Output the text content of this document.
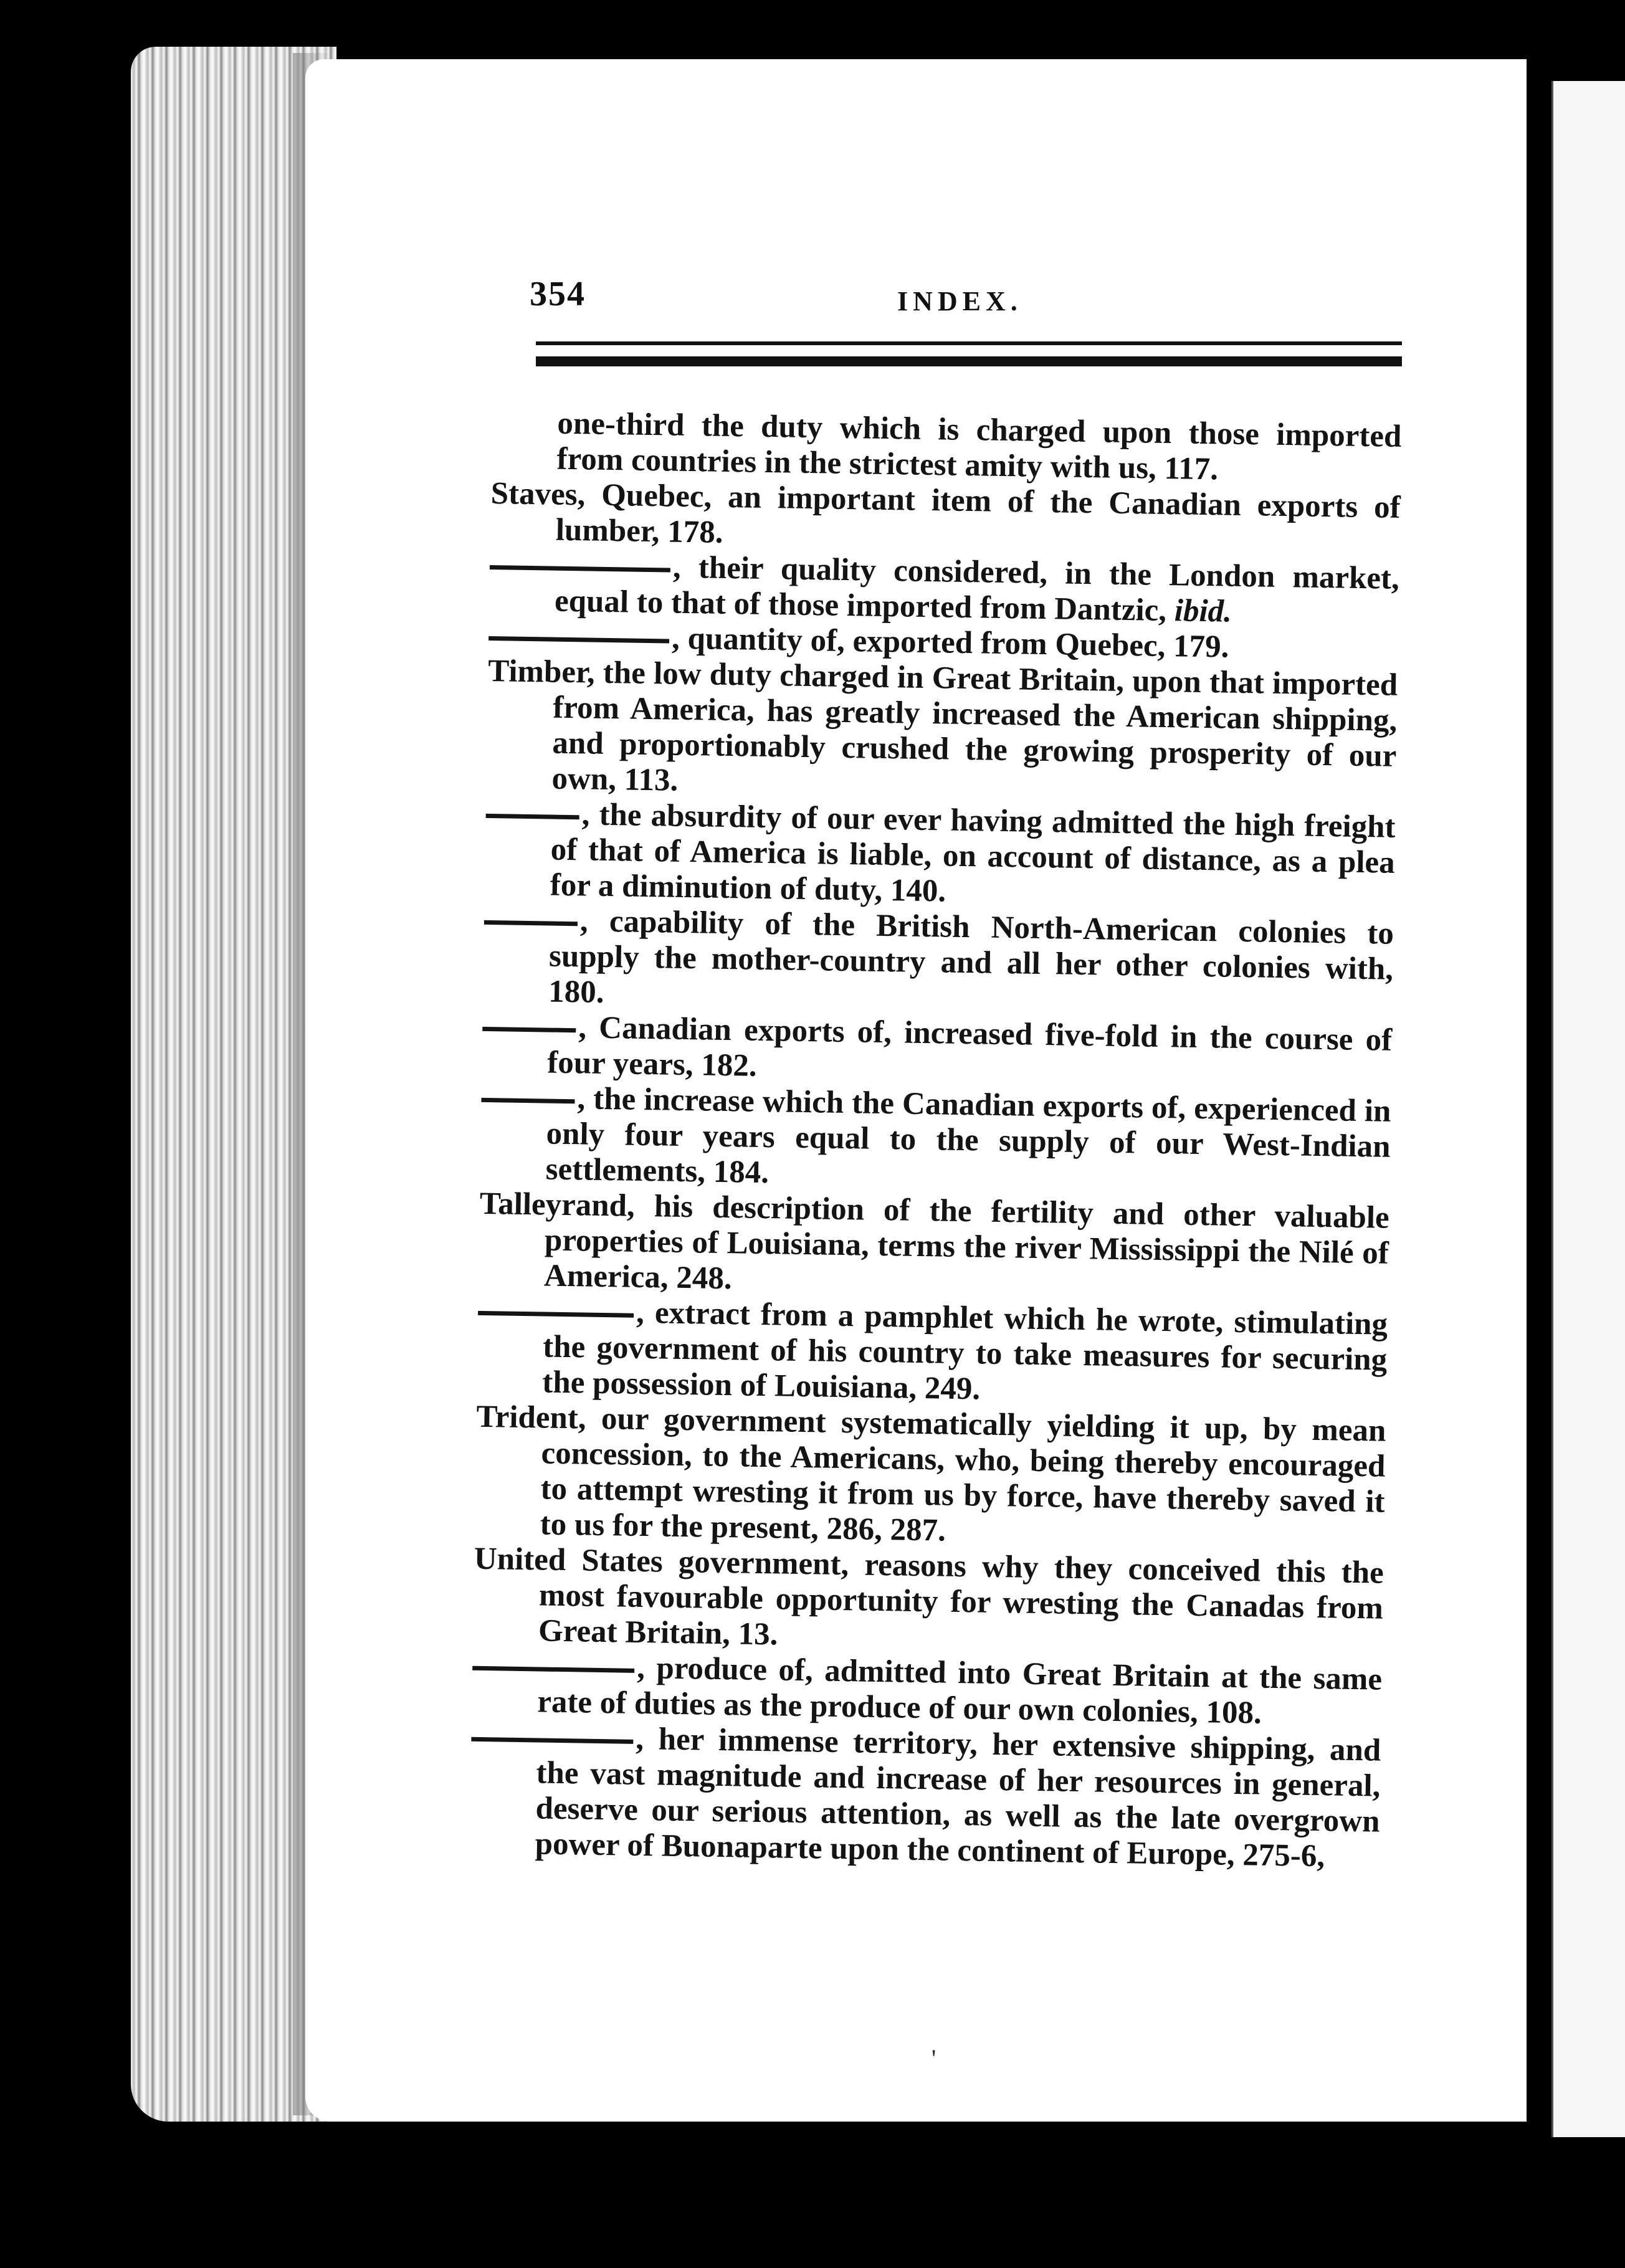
354	INDEX.

one-third the duty which is charged upon those imported from countries in the strictest amity with us, 117.

Staves, Quebec, an important item of the Canadian exports of lumber, 178.

, their quality considered, in the London market, equal to that of those imported from Dantzic, ibid.

, quantity of, exported from Quebec, 179.

Timber, the low duty charged in Great Britain, upon that imported from America, has greatly increased the American shipping, and proportionably crushed the growing prosperity of our own, 113.

, the absurdity of our ever having admitted the high freight of that of America is liable, on account of distance, as a plea for a diminution of duty, 140.

, capability of the British North-American colonies to supply the mother-country and all her other colonies with, 180.

, Canadian exports of, increased five-fold in the course of four years, 182.

, the increase which the Canadian exports of, experienced in only four years equal to the supply of our West-Indian settlements, 184.

Talleyrand, his description of the fertility and other valuable properties of Louisiana, terms the river Mississippi the Nilé of America, 248.

, extract from a pamphlet which he wrote, stimulating the government of his country to take measures for securing the possession of Louisiana, 249.

Trident, our government systematically yielding it up, by mean concession, to the Americans, who, being thereby encouraged to attempt wresting it from us by force, have thereby saved it to us for the present, 286, 287.

United States government, reasons why they conceived this the most favourable opportunity for wresting the Canadas from Great Britain, 13.

, produce of, admitted into Great Britain at the same rate of duties as the produce of our own colonies, 108.

, her immense territory, her extensive shipping, and the vast magnitude and increase of her resources in general, deserve our serious attention, as well as the late overgrown power of Buonaparte upon the continent of Europe, 275-6,

'
